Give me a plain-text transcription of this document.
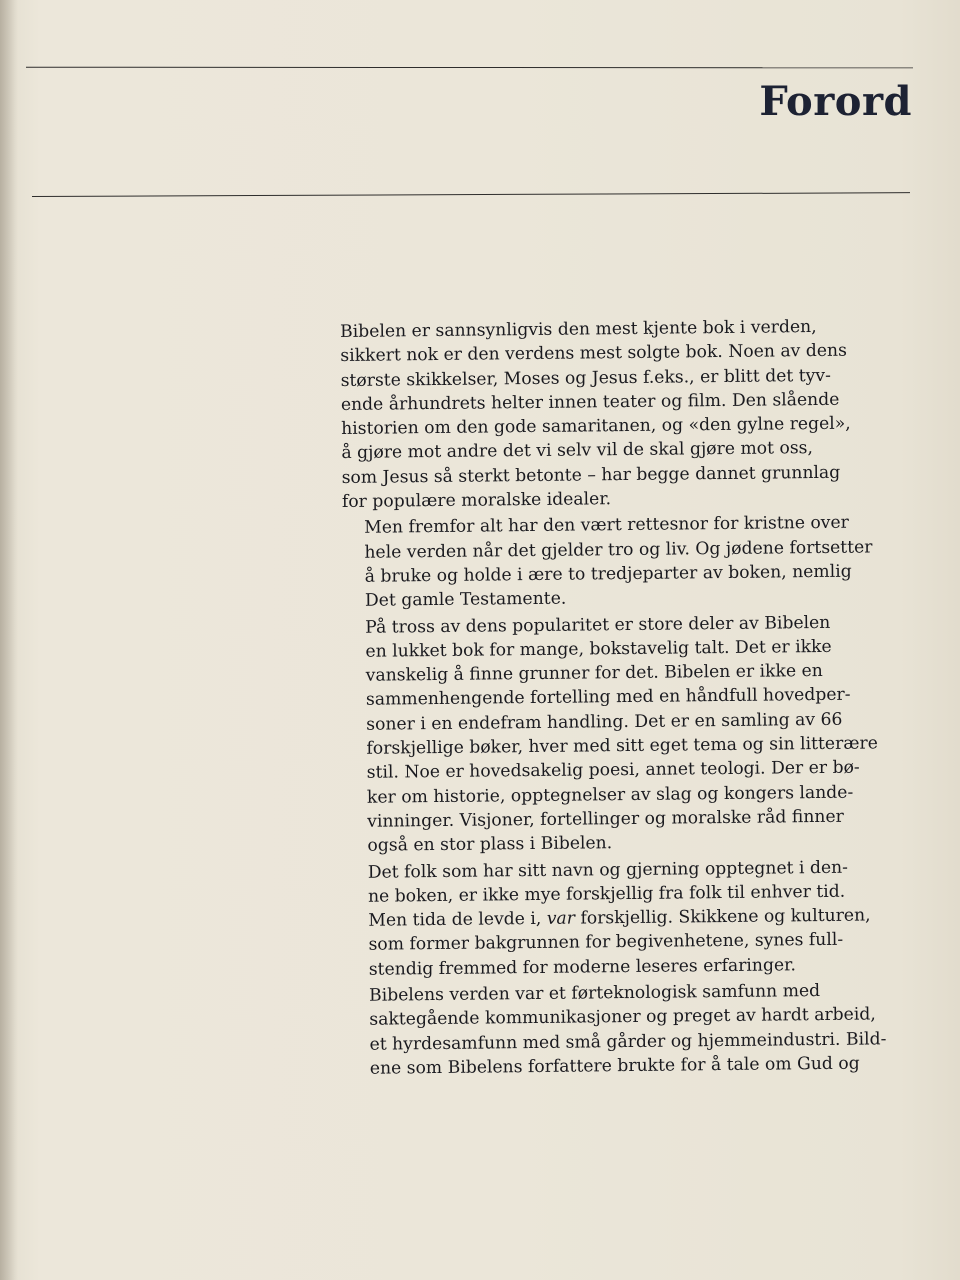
Forord

Bibelen er sannsynligvis den mest kjente bok i verden,
sikkert nok er den verdens mest solgte bok. Noen av dens
største skikkelser, Moses og Jesus f.eks., er blitt det tyv-
ende århundrets helter innen teater og film. Den slående
historien om den gode samaritanen, og «den gylne regel»,
å gjøre mot andre det vi selv vil de skal gjøre mot oss,
som Jesus så sterkt betonte – har begge dannet grunnlag
for populære moralske idealer.

Men fremfor alt har den vært rettesnor for kristne over
hele verden når det gjelder tro og liv. Og jødene fortsetter
å bruke og holde i ære to tredjeparter av boken, nemlig
Det gamle Testamente.

På tross av dens popularitet er store deler av Bibelen
en lukket bok for mange, bokstavelig talt. Det er ikke
vanskelig å finne grunner for det. Bibelen er ikke en
sammenhengende fortelling med en håndfull hovedper-
soner i en endefram handling. Det er en samling av 66
forskjellige bøker, hver med sitt eget tema og sin litterære
stil. Noe er hovedsakelig poesi, annet teologi. Der er bø-
ker om historie, opptegnelser av slag og kongers lande-
vinninger. Visjoner, fortellinger og moralske råd finner
også en stor plass i Bibelen.

Det folk som har sitt navn og gjerning opptegnet i den-
ne boken, er ikke mye forskjellig fra folk til enhver tid.
Men tida de levde i, var forskjellig. Skikkene og kulturen,
som former bakgrunnen for begivenhetene, synes full-
stendig fremmed for moderne leseres erfaringer.

Bibelens verden var et førteknologisk samfunn med
saktegående kommunikasjoner og preget av hardt arbeid,
et hyrdesamfunn med små gårder og hjemmeindustri. Bild-
ene som Bibelens forfattere brukte for å tale om Gud og
